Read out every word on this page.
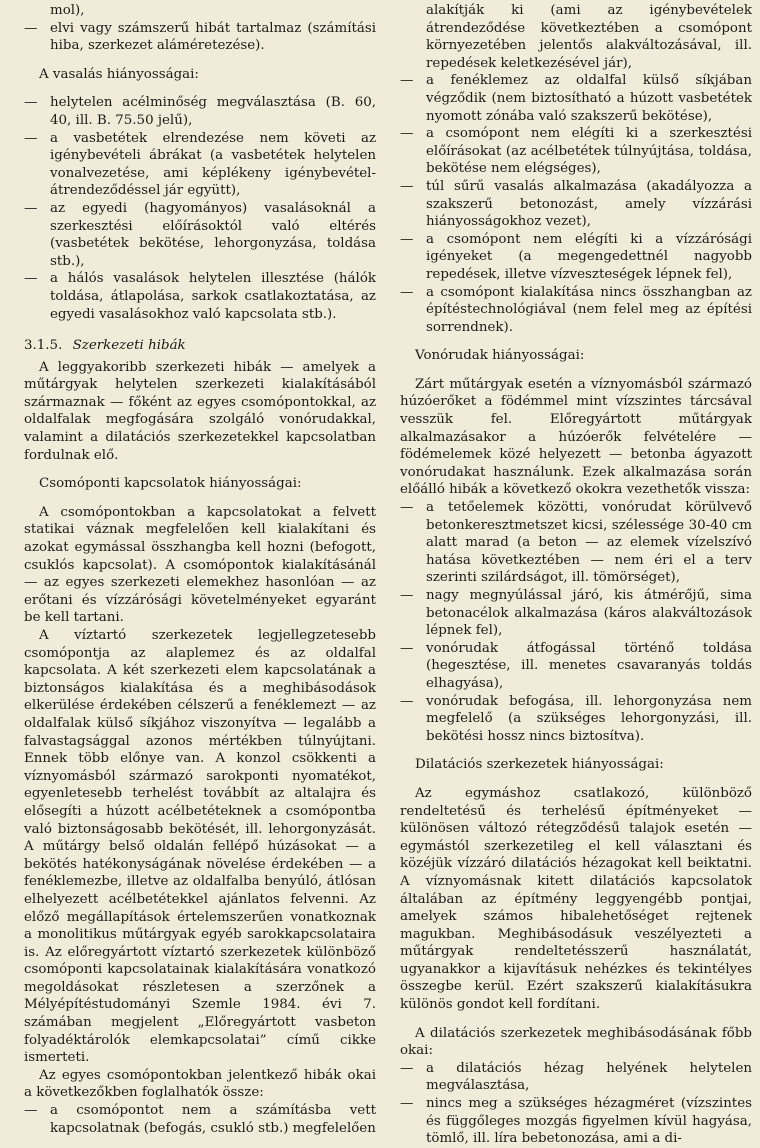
mol),

— elvi vagy számszerű hibát tartalmaz (számítási hiba, szerkezet aláméretezése).

A vasalás hiányosságai:

— helytelen acélminőség megválasztása (B. 60, 40, ill. B. 75.50 jelű),
— a vasbetétek elrendezése nem követi az igénybevételi ábrákat (a vasbetétek helytelen vonalvezetése, ami képlékeny igénybevétel-átrendeződéssel jár együtt),
— az egyedi (hagyományos) vasalásoknál a szerkesztési előírásoktól való eltérés (vasbetétek bekötése, lehorgonyzása, toldása stb.),
— a hálós vasalások helytelen illesztése (hálók toldása, átlapolása, sarkok csatlakoztatása, az egyedi vasalásokhoz való kapcsolata stb.).

3.1.5. Szerkezeti hibák

A leggyakoribb szerkezeti hibák — amelyek a műtárgyak helytelen szerkezeti kialakításából származnak — főként az egyes csomópontokkal, az oldalfalak megfogására szolgáló vonórudakkal, valamint a dilatációs szerkezetekkel kapcsolatban fordulnak elő.

Csomóponti kapcsolatok hiányosságai:

A csomópontokban a kapcsolatokat a felvett statikai váznak megfelelően kell kialakítani és azokat egymással összhangba kell hozni (befogott, csuklós kapcsolat). A csomópontok kialakításánál — az egyes szerkezeti elemekhez hasonlóan — az erőtani és vízzárósági követelményeket egyaránt be kell tartani.

A víztartó szerkezetek legjellegzetesebb csomópontja az alaplemez és az oldalfal kapcsolata. A két szerkezeti elem kapcsolatának a biztonságos kialakítása és a meghibásodások elkerülése érdekében célszerű a fenéklemezt — az oldalfalak külső síkjához viszonyítva — legalább a falvastagsággal azonos mértékben túlnyújtani. Ennek több előnye van. A konzol csökkenti a víznyomásból származó sarokponti nyomatékot, egyenletesebb terhelést továbbít az altalajra és elősegíti a húzott acélbetéteknek a csomópontba való biztonságosabb bekötését, ill. lehorgonyzását. A műtárgy belső oldalán fellépő húzásokat — a bekötés hatékonyságának növelése érdekében — a fenéklemezbe, illetve az oldalfalba benyúló, átlósan elhelyezett acélbetétekkel ajánlatos felvenni. Az előző megállapítások értelemszerűen vonatkoznak a monolitikus műtárgyak egyéb sarokkapcsolataira is. Az előregyártott víztartó szerkezetek különböző csomóponti kapcsolatainak kialakítására vonatkozó megoldásokat részletesen a szerzőnek a Mélyépítéstudományi Szemle 1984. évi 7. számában megjelent „Előregyártott vasbeton folyadéktárolók elemkapcsolatai” című cikke ismerteti.

Az egyes csomópontokban jelentkező hibák okai a következőkben foglalhatók össze:

— a csomópontot nem a számításba vett kapcsolatnak (befogás, csukló stb.) megfelelően

alakítják ki (ami az igénybevételek átrendeződése következtében a csomópont környezetében jelentős alakváltozásával, ill. repedések keletkezésével jár),

— a fenéklemez az oldalfal külső síkjában végződik (nem biztosítható a húzott vasbetétek nyomott zónába való szakszerű bekötése),
— a csomópont nem elégíti ki a szerkesztési előírásokat (az acélbetétek túlnyújtása, toldása, bekötése nem elégséges),
— túl sűrű vasalás alkalmazása (akadályozza a szakszerű betonozást, amely vízzárási hiányosságokhoz vezet),
— a csomópont nem elégíti ki a vízzárósági igényeket (a megengedettnél nagyobb repedések, illetve vízveszteségek lépnek fel),
— a csomópont kialakítása nincs összhangban az építéstechnológiával (nem felel meg az építési sorrendnek).

Vonórudak hiányosságai:

Zárt műtárgyak esetén a víznyomásból származó húzóerőket a födémmel mint vízszintes tárcsával vesszük fel. Előregyártott műtárgyak alkalmazásakor a húzóerők felvételére — födémelemek közé helyezett — betonba ágyazott vonórudakat használunk. Ezek alkalmazása során előálló hibák a következő okokra vezethetők vissza:

— a tetőelemek közötti, vonórudat körülvevő betonkeresztmetszet kicsi, szélessége 30-40 cm alatt marad (a beton — az elemek vízelszívó hatása következtében — nem éri el a terv szerinti szilárdságot, ill. tömörséget),
— nagy megnyúlással járó, kis átmérőjű, sima betonacélok alkalmazása (káros alakváltozások lépnek fel),
— vonórudak átfogással történő toldása (hegesztése, ill. menetes csavaranyás toldás elhagyása),
— vonórudak befogása, ill. lehorgonyzása nem megfelelő (a szükséges lehorgonyzási, ill. bekötési hossz nincs biztosítva).

Dilatációs szerkezetek hiányosságai:

Az egymáshoz csatlakozó, különböző rendeltetésű és terhelésű építményeket — különösen változó rétegződésű talajok esetén — egymástól szerkezetileg el kell választani és közéjük vízzáró dilatációs hézagokat kell beiktatni. A víznyomásnak kitett dilatációs kapcsolatok általában az építmény leggyengébb pontjai, amelyek számos hibalehetőséget rejtenek magukban. Meghibásodásuk veszélyezteti a műtárgyak rendeltetésszerű használatát, ugyanakkor a kijavításuk nehézkes és tekintélyes összegbe kerül. Ezért szakszerű kialakításukra különös gondot kell fordítani.

A dilatációs szerkezetek meghibásodásának főbb okai:

— a dilatációs hézag helyének helytelen megválasztása,
— nincs meg a szükséges hézagméret (vízszintes és függőleges mozgás figyelmen kívül hagyása, tömlő, ill. líra bebetonozása, ami a di-
